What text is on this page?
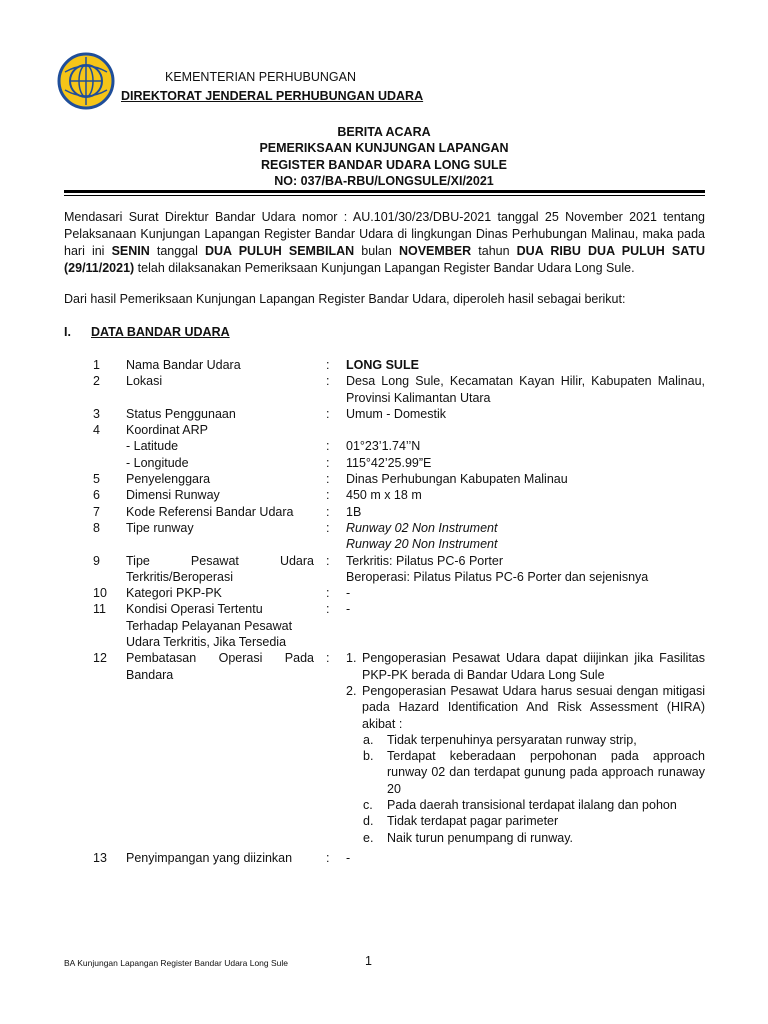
KEMENTERIAN PERHUBUNGAN
DIREKTORAT JENDERAL PERHUBUNGAN UDARA
BERITA ACARA
PEMERIKSAAN KUNJUNGAN LAPANGAN
REGISTER BANDAR UDARA LONG SULE
NO: 037/BA-RBU/LONGSULE/XI/2021
Mendasari Surat Direktur Bandar Udara nomor : AU.101/30/23/DBU-2021 tanggal 25 November 2021 tentang Pelaksanaan Kunjungan Lapangan Register Bandar Udara di lingkungan Dinas Perhubungan Malinau, maka pada hari ini SENIN tanggal DUA PULUH SEMBILAN bulan NOVEMBER tahun DUA RIBU DUA PULUH SATU (29/11/2021) telah dilaksanakan Pemeriksaan Kunjungan Lapangan Register Bandar Udara Long Sule.
Dari hasil Pemeriksaan Kunjungan Lapangan Register Bandar Udara, diperoleh hasil sebagai berikut:
I. DATA BANDAR UDARA
1 Nama Bandar Udara	: LONG SULE
2 Lokasi	: Desa Long Sule, Kecamatan Kayan Hilir, Kabupaten Malinau, Provinsi Kalimantan Utara
3 Status Penggunaan	: Umum - Domestik
4 Koordinat ARP
- Latitude	: 01°23’1.74’’N
- Longitude	: 115°42’25.99”E
5 Penyelenggara	: Dinas Perhubungan Kabupaten Malinau
6 Dimensi Runway	: 450 m x 18 m
7 Kode Referensi Bandar Udara	: 1B
8 Tipe runway	: Runway 02 Non Instrument
Runway 20 Non Instrument
9 Tipe Pesawat Udara Terkritis/Beroperasi
: Terkritis: Pilatus PC-6 Porter
Beroperasi: Pilatus Pilatus PC-6 Porter dan sejenisnya
10 Kategori PKP-PK	: -
11 Kondisi Operasi Tertentu Terhadap Pelayanan Pesawat Udara Terkritis, Jika Tersedia
: -
12 Pembatasan Operasi Pada Bandara
: 1. Pengoperasian Pesawat Udara dapat diijinkan jika Fasilitas PKP-PK berada di Bandar Udara Long Sule
2. Pengoperasian Pesawat Udara harus sesuai dengan mitigasi pada Hazard Identification And Risk Assessment (HIRA) akibat :
a. Tidak terpenuhinya persyaratan runway strip,
b. Terdapat keberadaan perpohonan pada approach runway 02 dan terdapat gunung pada approach runaway 20
c. Pada daerah transisional terdapat ilalang dan pohon
d. Tidak terdapat pagar parimeter
e. Naik turun penumpang di runway.
13 Penyimpangan yang diizinkan	: -
BA Kunjungan Lapangan Register Bandar Udara Long Sule	1
